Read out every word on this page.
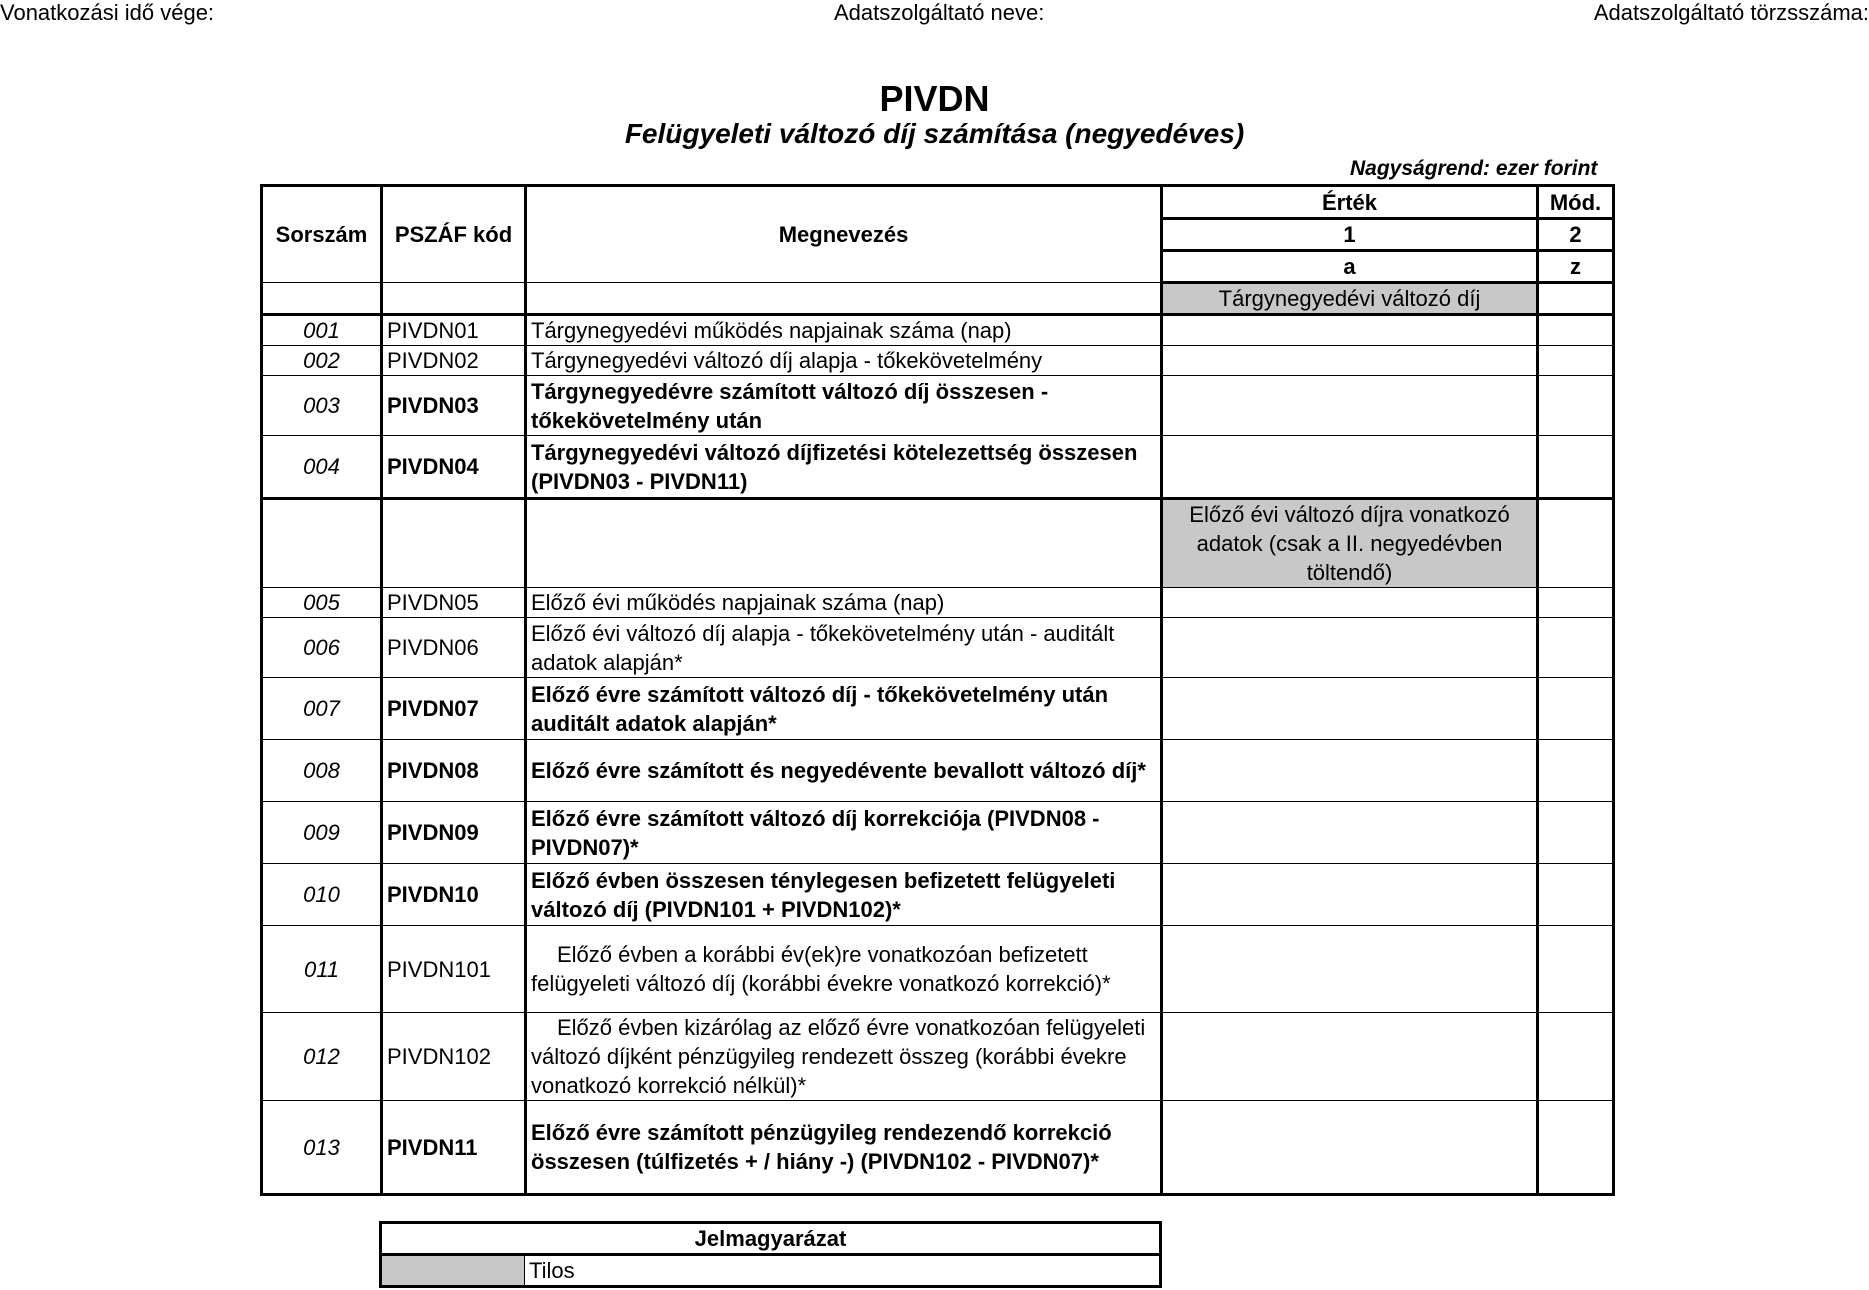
Vonatkozási idő vége:	Adatszolgáltató neve:	Adatszolgáltató törzsszáma:
PIVDN
Felügyeleti változó díj számítása (negyedéves)
Nagyságrend: ezer forint
Sorszám	PSZÁF kód	Megnevezés	Érték	Mód.
			1	2
			a	z
			Tárgynegyedévi változó díj	
001	PIVDN01	Tárgynegyedévi működés napjainak száma (nap)		
002	PIVDN02	Tárgynegyedévi változó díj alapja - tőkekövetelmény		
003	PIVDN03	Tárgynegyedévre számított változó díj összesen - tőkekövetelmény után		
004	PIVDN04	Tárgynegyedévi változó díjfizetési kötelezettség összesen (PIVDN03 - PIVDN11)		
			Előző évi változó díjra vonatkozó adatok (csak a II. negyedévben töltendő)	
005	PIVDN05	Előző évi működés napjainak száma (nap)		
006	PIVDN06	Előző évi változó díj alapja - tőkekövetelmény után - auditált adatok alapján*		
007	PIVDN07	Előző évre számított változó díj - tőkekövetelmény után auditált adatok alapján*		
008	PIVDN08	Előző évre számított és negyedévente bevallott változó díj*		
009	PIVDN09	Előző évre számított változó díj korrekciója (PIVDN08 - PIVDN07)*		
010	PIVDN10	Előző évben összesen ténylegesen befizetett felügyeleti változó díj (PIVDN101 + PIVDN102)*		
011	PIVDN101	Előző évben a korábbi év(ek)re vonatkozóan befizetett felügyeleti változó díj (korábbi évekre vonatkozó korrekció)*		
012	PIVDN102	Előző évben kizárólag az előző évre vonatkozóan felügyeleti változó díjként pénzügyileg rendezett összeg (korábbi évekre vonatkozó korrekció nélkül)*		
013	PIVDN11	Előző évre számított pénzügyileg rendezendő korrekció összesen (túlfizetés + / hiány -) (PIVDN102 - PIVDN07)*		
Jelmagyarázat
	Tilos
